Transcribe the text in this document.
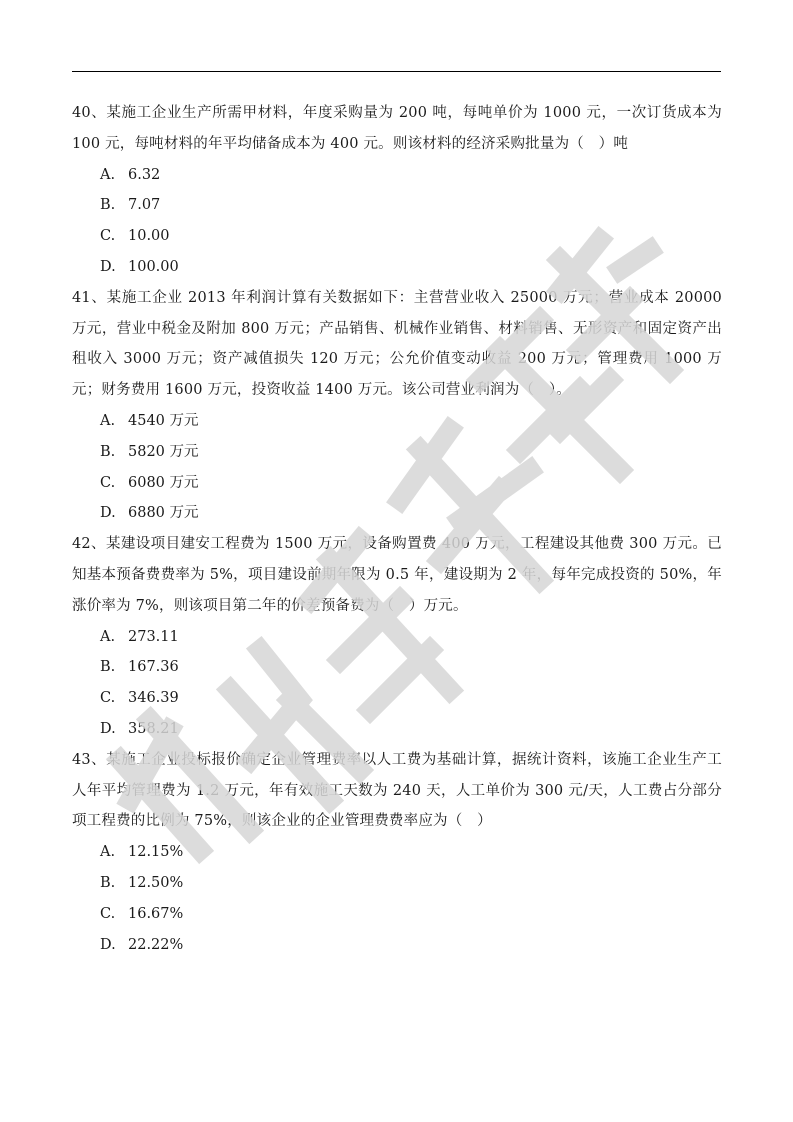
40、某施工企业生产所需甲材料，年度采购量为 200 吨，每吨单价为 1000 元，一次订货成本为 100 元，每吨材料的年平均储备成本为 400 元。则该材料的经济采购批量为（　）吨
A. 6.32
B. 7.07
C. 10.00
D. 100.00
41、某施工企业 2013 年利润计算有关数据如下：主营营业收入 25000 万元；营业成本 20000 万元，营业中税金及附加 800 万元；产品销售、机械作业销售、材料销售、无形资产和固定资产出租收入 3000 万元；资产减值损失 120 万元；公允价值变动收益 200 万元；管理费用 1000 万元；财务费用 1600 万元，投资收益 1400 万元。该公司营业利润为（　）。
A. 4540 万元
B. 5820 万元
C. 6080 万元
D. 6880 万元
42、某建设项目建安工程费为 1500 万元，设备购置费 400 万元，工程建设其他费 300 万元。已知基本预备费费率为 5%，项目建设前期年限为 0.5 年，建设期为 2 年，每年完成投资的 50%，年涨价率为 7%，则该项目第二年的价差预备费为（　）万元。
A. 273.11
B. 167.36
C. 346.39
D. 358.21
43、某施工企业投标报价确定企业管理费率以人工费为基础计算，据统计资料，该施工企业生产工人年平均管理费为 1.2 万元，年有效施工天数为 240 天，人工单价为 300 元/天，人工费占分部分项工程费的比例为 75%，则该企业的企业管理费费率应为（　）
A. 12.15%
B. 12.50%
C. 16.67%
D. 22.22%
